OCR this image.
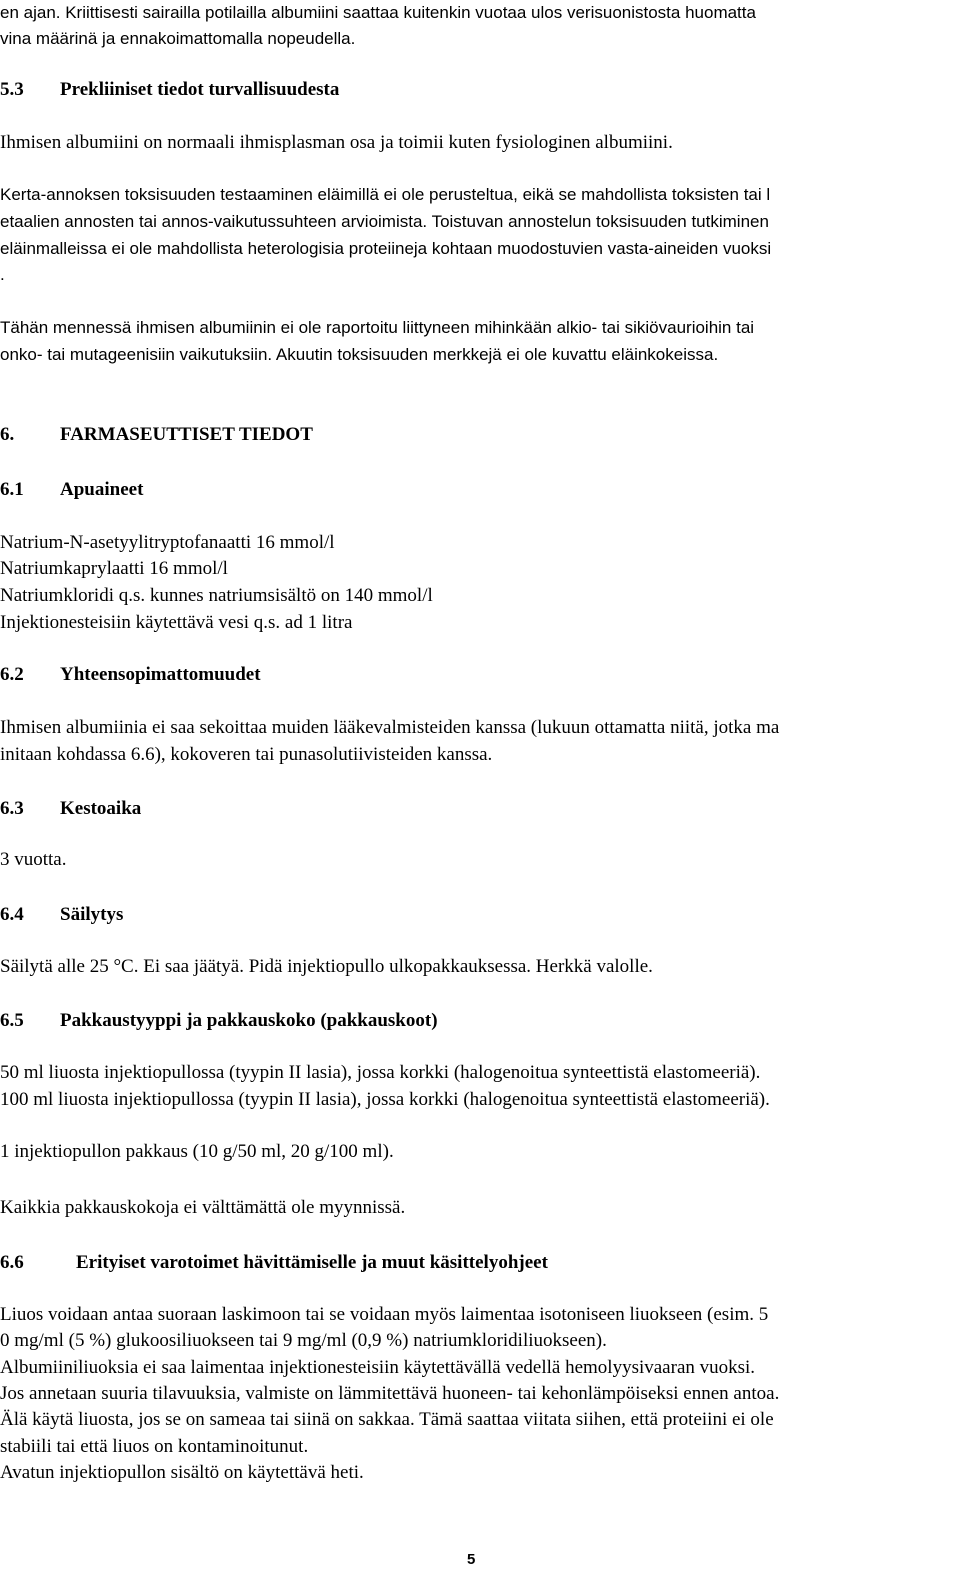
en ajan. Kriittisesti sairailla potilailla albumiini saattaa kuitenkin vuotaa ulos verisuonistosta huomatta
vina määrinä ja ennakoimattomalla nopeudella.
5.3 Prekliiniset tiedot turvallisuudesta
Ihmisen albumiini on normaali ihmisplasman osa ja toimii kuten fysiologinen albumiini.
Kerta-annoksen toksisuuden testaaminen eläimillä ei ole perusteltua, eikä se mahdollista toksisten tai l
etaalien annosten tai annos-vaikutussuhteen arvioimista. Toistuvan annostelun toksisuuden tutkiminen
eläinmalleissa ei ole mahdollista heterologisia proteiineja kohtaan muodostuvien vasta-aineiden vuoksi
.
Tähän mennessä ihmisen albumiinin ei ole raportoitu liittyneen mihinkään alkio- tai sikiövaurioihin tai
onko- tai mutageenisiin vaikutuksiin. Akuutin toksisuuden merkkejä ei ole kuvattu eläinkokeissa.
6. FARMASEUTTISET TIEDOT
6.1 Apuaineet
Natrium-N-asetyylitryptofanaatti 16 mmol/l
Natriumkaprylaatti 16 mmol/l
Natriumkloridi q.s. kunnes natriumsisältö on 140 mmol/l
Injektionesteisiin käytettävä vesi q.s. ad 1 litra
6.2 Yhteensopimattomuudet
Ihmisen albumiinia ei saa sekoittaa muiden lääkevalmisteiden kanssa (lukuun ottamatta niitä, jotka ma
initaan kohdassa 6.6), kokoveren tai punasolutiivisteiden kanssa.
6.3 Kestoaika
3 vuotta.
6.4 Säilytys
Säilytä alle 25 °C. Ei saa jäätyä. Pidä injektiopullo ulkopakkauksessa. Herkkä valolle.
6.5 Pakkaustyyppi ja pakkauskoko (pakkauskoot)
50 ml liuosta injektiopullossa (tyypin II lasia), jossa korkki (halogenoitua synteettistä elastomeeriä).
100 ml liuosta injektiopullossa (tyypin II lasia), jossa korkki (halogenoitua synteettistä elastomeeriä).
1 injektiopullon pakkaus (10 g/50 ml, 20 g/100 ml).
Kaikkia pakkauskokoja ei välttämättä ole myynnissä.
6.6	Erityiset varotoimet hävittämiselle ja muut käsittelyohjeet
Liuos voidaan antaa suoraan laskimoon tai se voidaan myös laimentaa isotoniseen liuokseen (esim. 5
0 mg/ml (5 %) glukoosiliuokseen tai 9 mg/ml (0,9 %) natriumkloridiliuokseen).
Albumiiniliuoksia ei saa laimentaa injektionesteisiin käytettävällä vedellä hemolyysivaaran vuoksi.
Jos annetaan suuria tilavuuksia, valmiste on lämmitettävä huoneen- tai kehonlämpöiseksi ennen antoa.
Älä käytä liuosta, jos se on sameaa tai siinä on sakkaa. Tämä saattaa viitata siihen, että proteiini ei ole
stabiili tai että liuos on kontaminoitunut.
Avatun injektiopullon sisältö on käytettävä heti.
5
